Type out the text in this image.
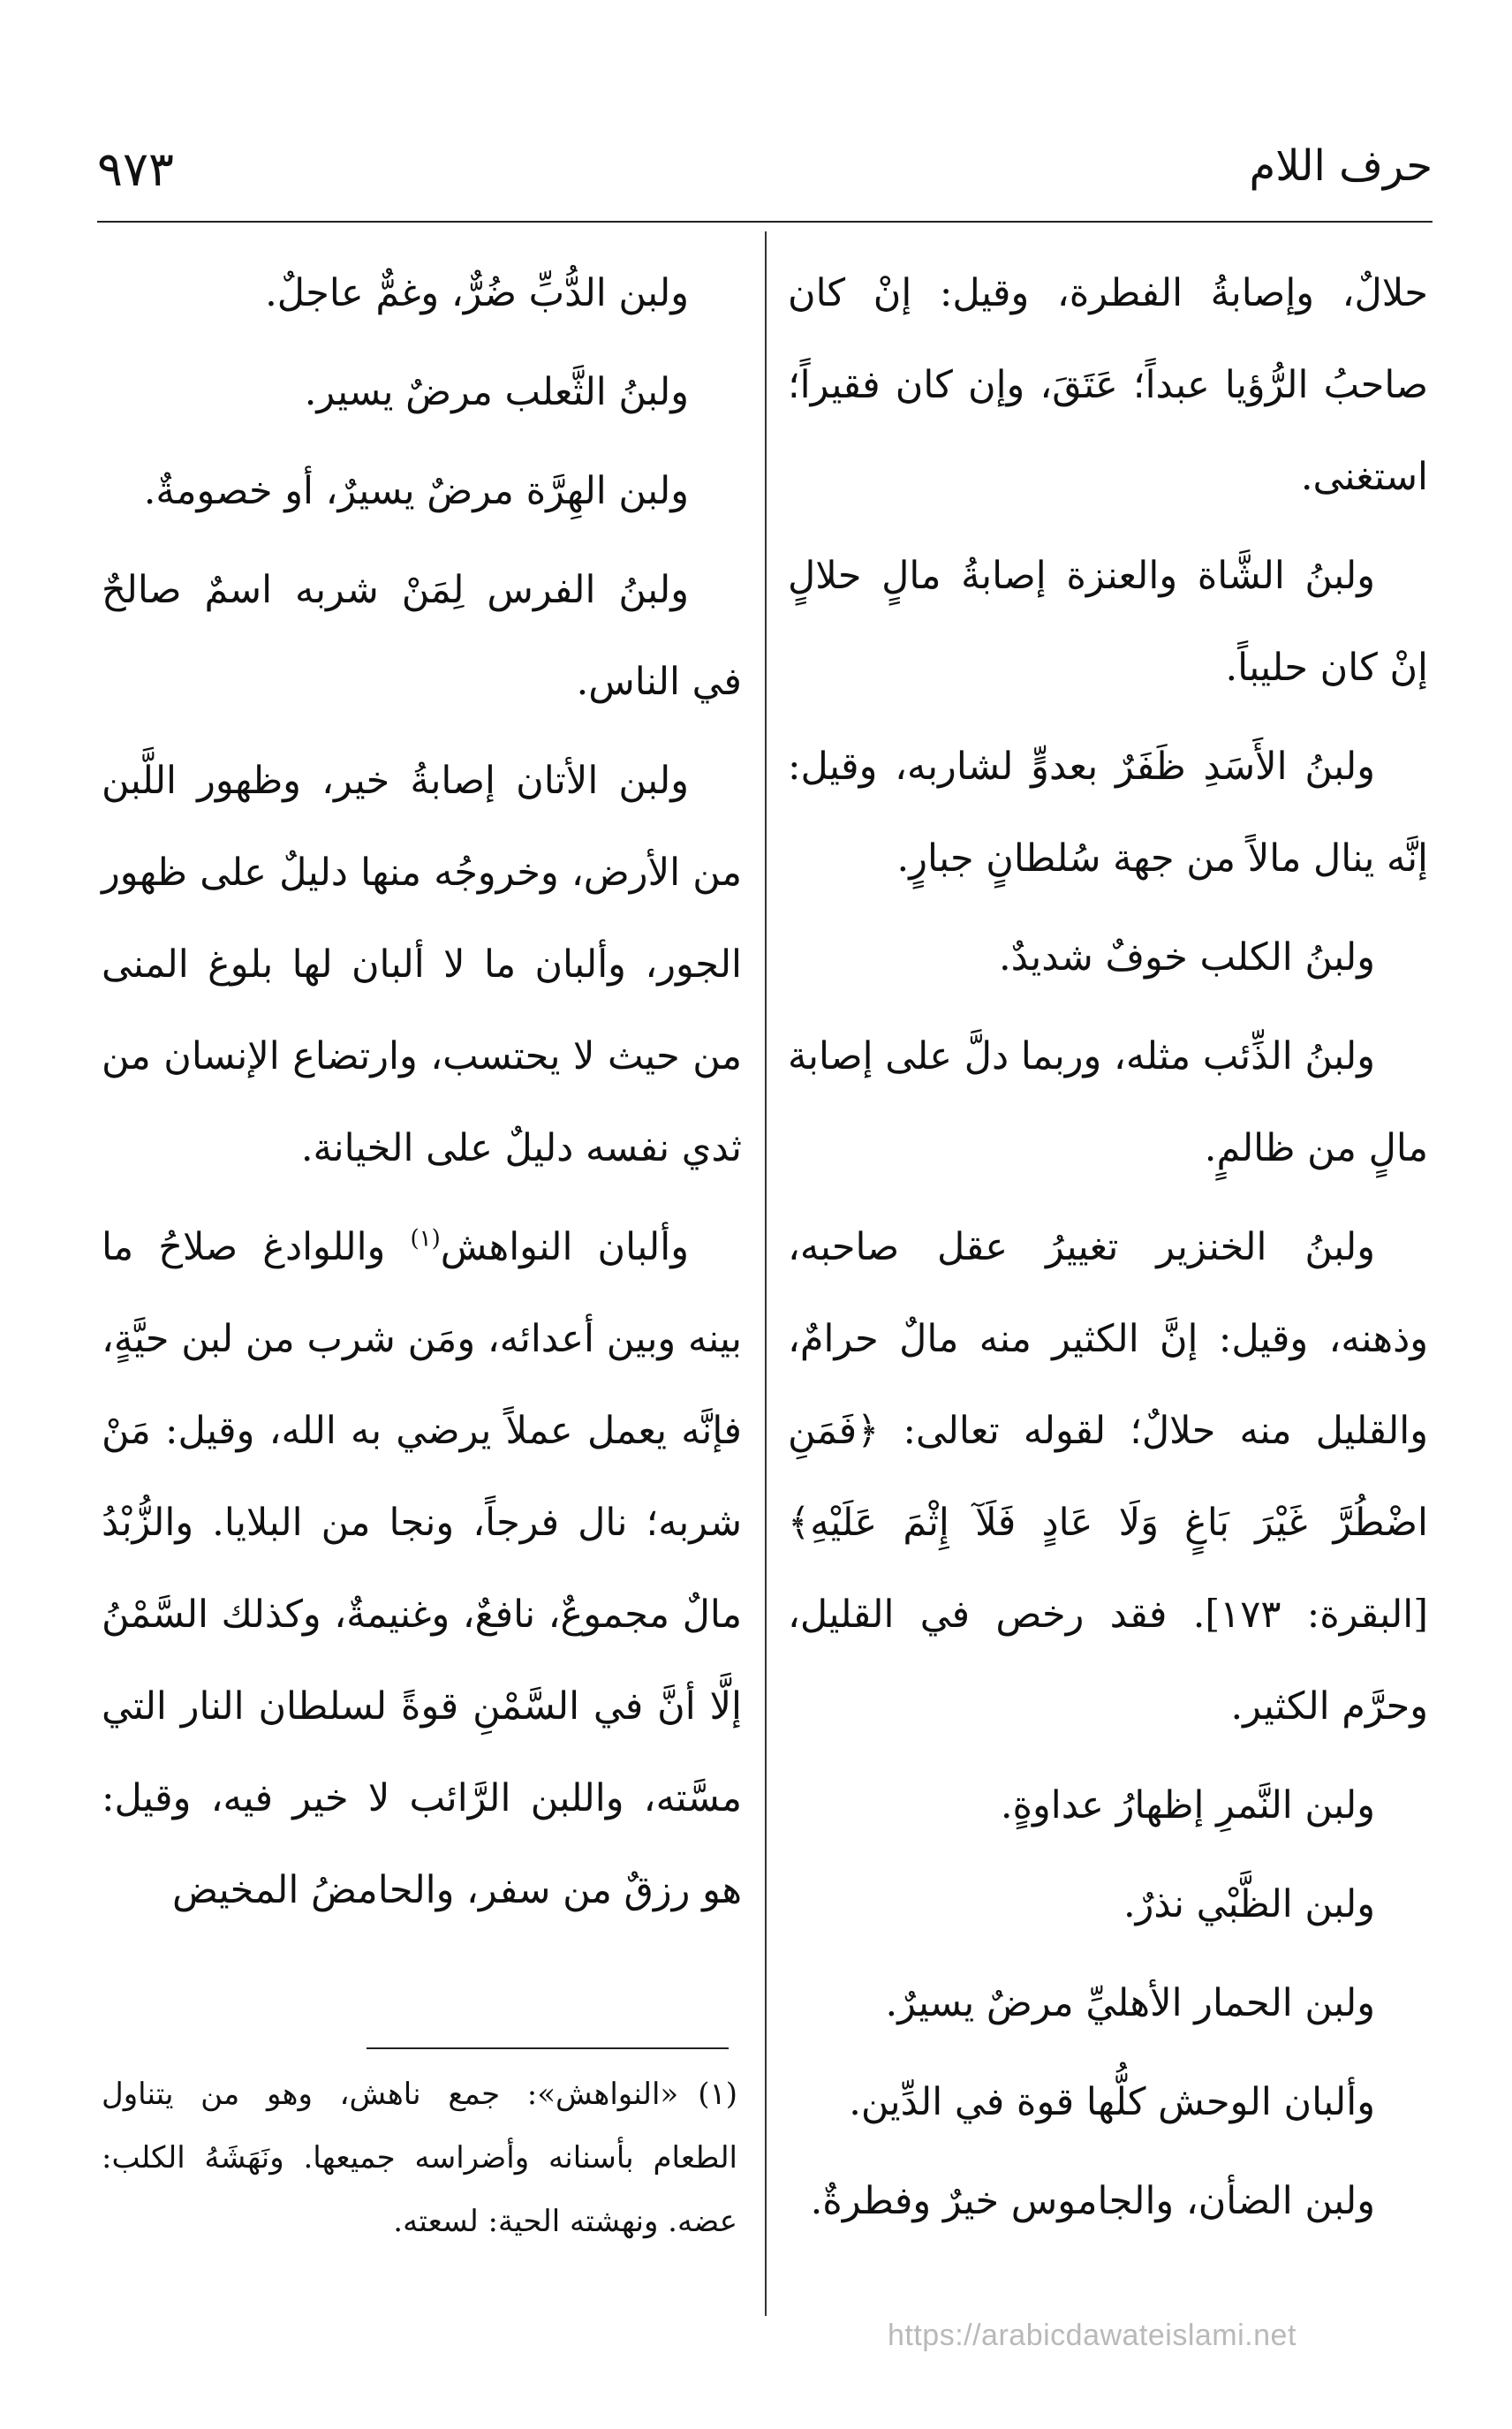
٩٧٣	حرف اللام

حلالٌ، وإصابةُ الفطرة، وقيل: إنْ كان صاحبُ الرُّؤيا عبداً؛ عَتَقَ، وإن كان فقيراً؛ استغنى.

ولبنُ الشَّاة والعنزة إصابةُ مالٍ حلالٍ إنْ كان حليباً.

ولبنُ الأَسَدِ ظَفَرٌ بعدوٍّ لشاربه، وقيل: إنَّه ينال مالاً من جهة سُلطانٍ جبارٍ.

ولبنُ الكلب خوفٌ شديدٌ.

ولبنُ الذِّئب مثله، وربما دلَّ على إصابة مالٍ من ظالمٍ.

ولبنُ الخنزير تغييرُ عقل صاحبه، وذهنه، وقيل: إنَّ الكثير منه مالٌ حرامٌ، والقليل منه حلالٌ؛ لقوله تعالى: ﴿فَمَنِ اضْطُرَّ غَيْرَ بَاغٍ وَلَا عَادٍ فَلَآ إِثْمَ عَلَيْهِ﴾ [البقرة: ١٧٣]. فقد رخص في القليل، وحرَّم الكثير.

ولبن النَّمرِ إظهارُ عداوةٍ.

ولبن الظَّبْي نذرٌ.

ولبن الحمار الأهليِّ مرضٌ يسيرٌ.

وألبان الوحش كلُّها قوة في الدِّين.

ولبن الضأن، والجاموس خيرٌ وفطرةٌ.

ولبن الدُّبِّ ضُرٌّ، وغمٌّ عاجلٌ.

ولبنُ الثَّعلب مرضٌ يسير.

ولبن الهِرَّة مرضٌ يسيرٌ، أو خصومةٌ.

ولبنُ الفرس لِمَنْ شربه اسمٌ صالحٌ في الناس.

ولبن الأتان إصابةُ خير، وظهور اللَّبن من الأرض، وخروجُه منها دليلٌ على ظهور الجور، وألبان ما لا ألبان لها بلوغ المنى من حيث لا يحتسب، وارتضاع الإنسان من ثدي نفسه دليلٌ على الخيانة.

وألبان النواهش$^{(١)}$ واللوادغ صلاحُ ما بينه وبين أعدائه، ومَن شرب من لبن حيَّةٍ، فإنَّه يعمل عملاً يرضي به الله، وقيل: مَنْ شربه؛ نال فرجاً، ونجا من البلايا. والزُّبْدُ مالٌ مجموعٌ، نافعٌ، وغنيمةٌ، وكذلك السَّمْنُ إلَّا أنَّ في السَّمْنِ قوةً لسلطان النار التي مسَّته، واللبن الرَّائب لا خير فيه، وقيل: هو رزقٌ من سفر، والحامضُ المخيض

(١)«النواهش»: جمع ناهش، وهو من يتناول الطعام بأسنانه وأضراسه جميعها. ونَهَشَهُ الكلب: عضه. ونهشته الحية: لسعته.
https://arabicdawateislami.net
